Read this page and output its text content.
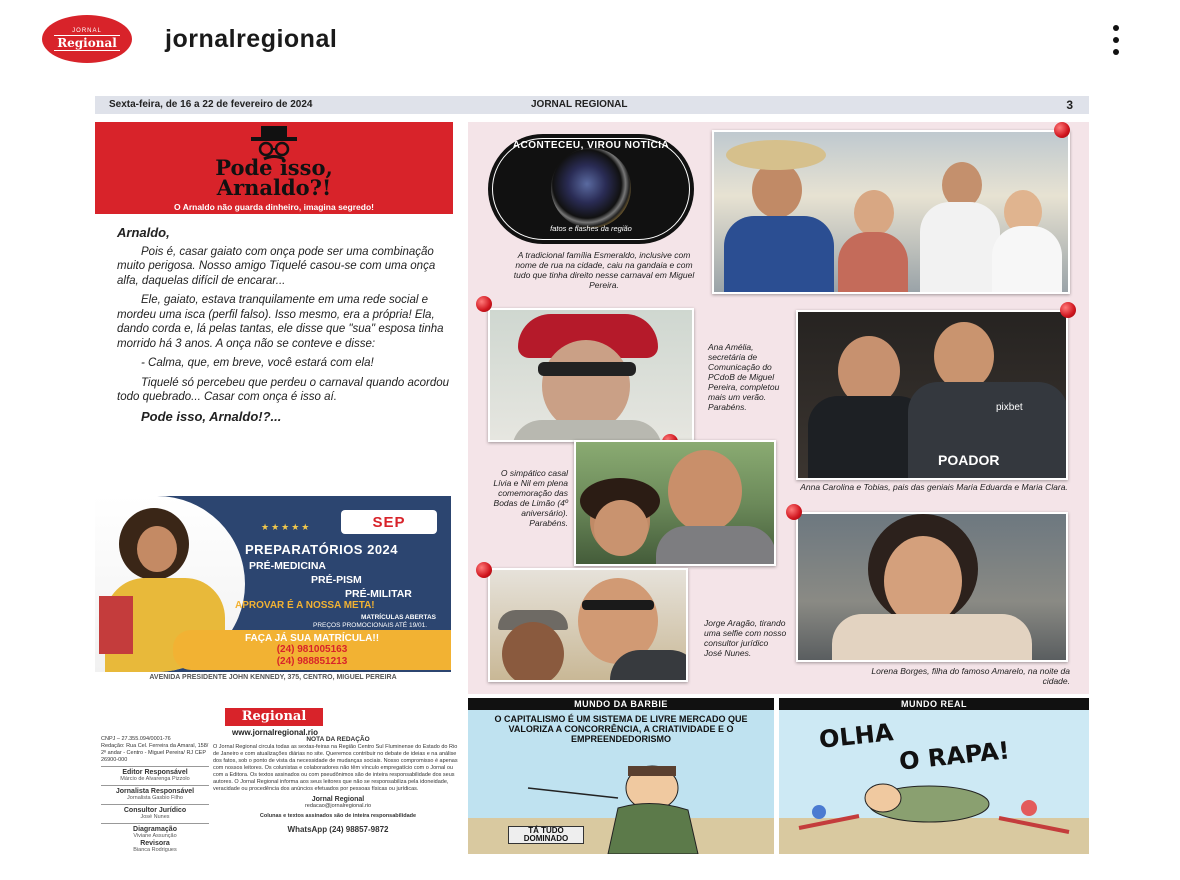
JORNAL
Regional jornalregional
Sexta-feira, de 16 a 22 de fevereiro de 2024	JORNAL REGIONAL	3
Pode isso,
Arnaldo?!
O Arnaldo não guarda dinheiro, imagina segredo!

Arnaldo,

Pois é, casar gaiato com onça pode ser uma combinação muito perigosa. Nosso amigo Tiquelé casou-se com uma onça alfa, daquelas difícil de encarar...

Ele, gaiato, estava tranquilamente em uma rede social e mordeu uma isca (perfil falso). Isso mesmo, era a própria! Ela, dando corda e, lá pelas tantas, ele disse que "sua" esposa tinha morrido há 3 anos. A onça não se conteve e disse:

- Calma, que, em breve, você estará com ela!

Tiquelé só percebeu que perdeu o carnaval quando acordou todo quebrado... Casar com onça é isso aí.

Pode isso, Arnaldo!?...

★★★★★	SEP
PREPARATÓRIOS 2024
PRÉ-MEDICINA
PRÉ-PISM
PRÉ-MILITAR
APROVAR É A NOSSA META!
MATRÍCULAS ABERTAS
PREÇOS PROMOCIONAIS ATÉ 19/01.
FAÇA JÁ SUA MATRÍCULA!!
(24) 981005163
(24) 988851213
AVENIDA PRESIDENTE JOHN KENNEDY, 375, CENTRO, MIGUEL PEREIRA
ACONTECEU, VIROU NOTÍCIA
fatos e flashes da região
A tradicional família Esmeraldo, inclusive com nome de rua na cidade, caiu na gandaia e com tudo que tinha direito nesse carnaval em Miguel Pereira.
Ana Amélia, secretária de Comunicação do PCdoB de Miguel Pereira, completou mais um verão. Parabéns.	pixbet
POADOR
Anna Carolina e Tobias, pais das geniais Maria Eduarda e Maria Clara.
O simpático casal Lívia e Nil em plena comemoração das Bodas de Limão (4º aniversário). Parabéns.
Jorge Aragão, tirando uma selfie com nosso consultor jurídico José Nunes.
Lorena Borges, filha do famoso Amarelo, na noite da cidade.
Regional
www.jornalregional.rio
CNPJ – 27.355.094/0001-76
Redação: Rua Cel. Ferreira da Amaral, 158/ 2º andar - Centro - Miguel Pereira/ RJ CEP 26900-000
Editor Responsável
Márcio de Alvarenga Pizzolo
Jornalista Responsável
Jornalista Gasbio Filho
Consultor Jurídico
José Nunes
Diagramação
Viviane Assunção
Revisora
Bianca Rodrigues
NOTA DA REDAÇÃO
O Jornal Regional circula todas as sextas-feiras na Região Centro Sul Fluminense do Estado do Rio de Janeiro e com atualizações diárias no site. Queremos contribuir no debate de ideias e na análise dos fatos, sob o ponto de vista da necessidade de mudanças sociais. Nosso compromisso é apenas com nossos leitores. Os colunistas e colaboradores não têm vínculo empregatício com o Jornal ou com a Editora. Os textos assinados ou com pseudônimos são de inteira responsabilidade dos seus autores. O Jornal Regional informa aos seus leitores que não se responsabiliza pela idoneidade, veracidade ou procedência dos anúncios efetuados por pessoas físicas ou jurídicas.
Jornal Regional
redacao@jornalregional.rio
Colunas e textos assinados são de inteira responsabilidade
WhatsApp (24) 98857-9872
MUNDO DA BARBIE
O CAPITALISMO É UM SISTEMA DE LIVRE MERCADO QUE VALORIZA A CONCORRÊNCIA, A CRIATIVIDADE E O EMPREENDEDORISMO
TÁ TUDO DOMINADO
MUNDO REAL
OLHA
O RAPA!
